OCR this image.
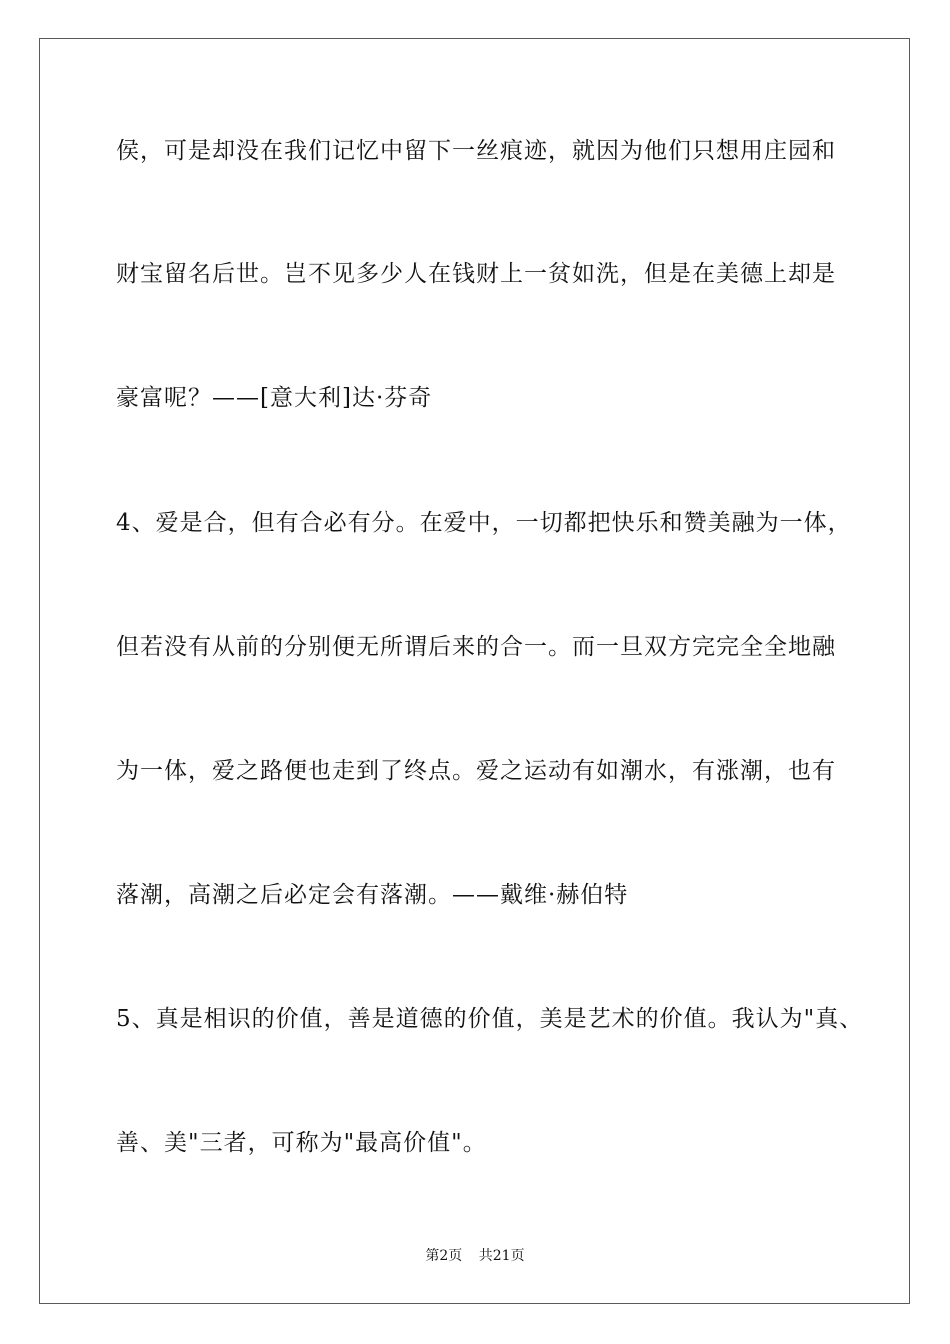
侯，可是却没在我们记忆中留下一丝痕迹，就因为他们只想用庄园和
财宝留名后世。岂不见多少人在钱财上一贫如洗，但是在美德上却是
豪富呢？——[意大利]达·芬奇
4、爱是合，但有合必有分。在爱中，一切都把快乐和赞美融为一体，
但若没有从前的分别便无所谓后来的合一。而一旦双方完完全全地融
为一体，爱之路便也走到了终点。爱之运动有如潮水，有涨潮，也有
落潮，高潮之后必定会有落潮。——戴维·赫伯特
5、真是相识的价值，善是道德的价值，美是艺术的价值。我认为"真、
善、美"三者，可称为"最高价值"。
第2页 共21页
